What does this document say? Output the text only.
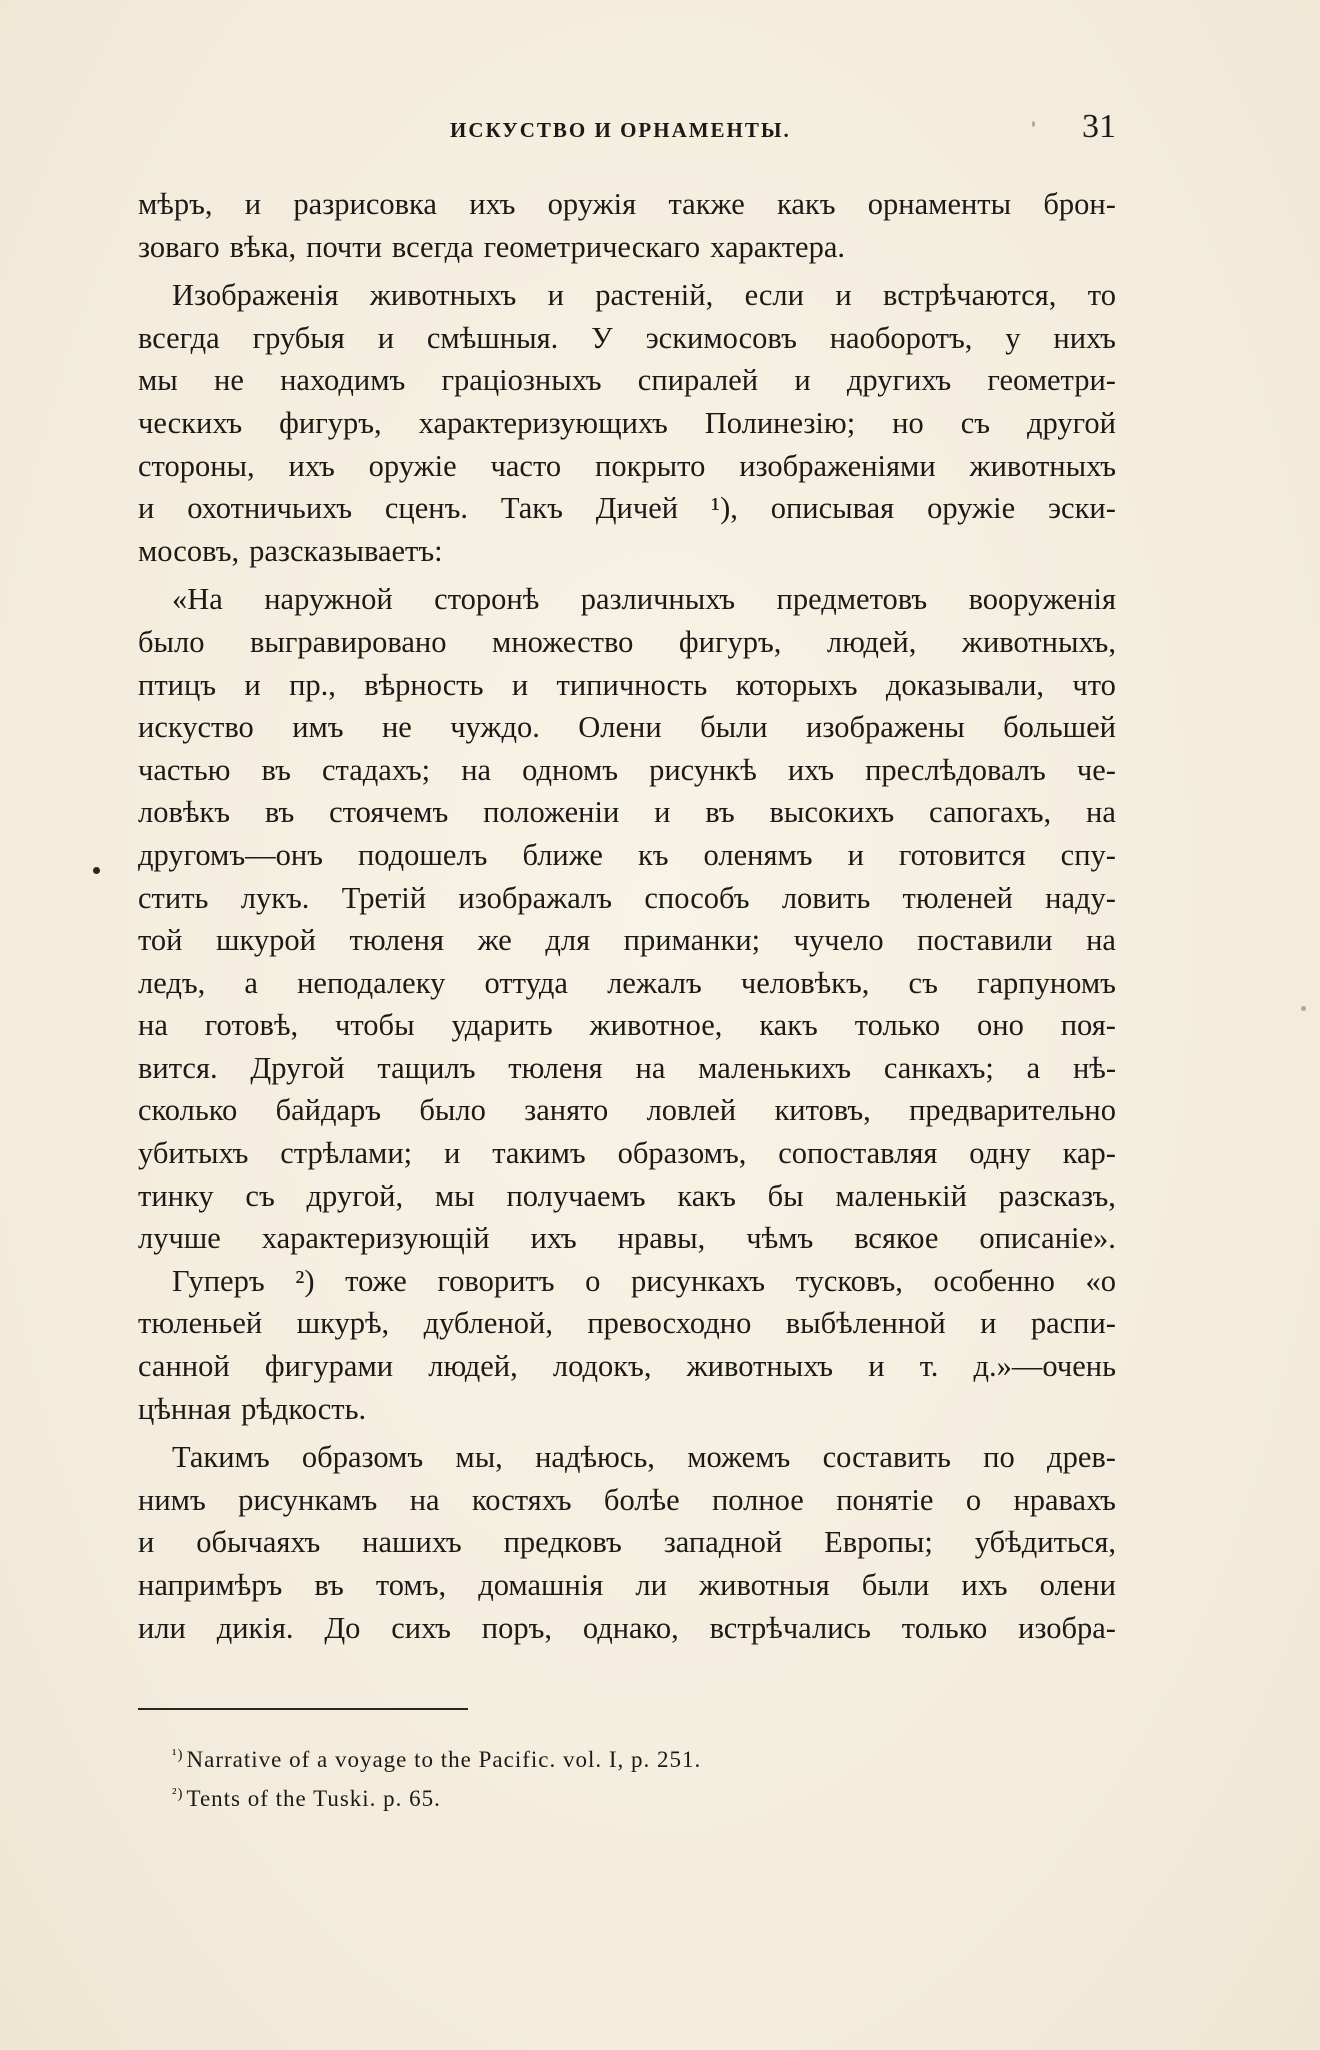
ИСКУСТВО И ОРНАМЕНТЫ.	31
мѣръ, и разрисовка ихъ оружія также какъ орнаменты брон-
зоваго вѣка, почти всегда геометрическаго характера.
Изображенія животныхъ и растеній, если и встрѣчаются, то
всегда грубыя и смѣшныя. У эскимосовъ наоборотъ, у нихъ
мы не находимъ граціозныхъ спиралей и другихъ геометри-
ческихъ фигуръ, характеризующихъ Полинезію; но съ другой
стороны, ихъ оружіе часто покрыто изображеніями животныхъ
и охотничьихъ сценъ. Такъ Дичей ¹), описывая оружіе эски-
мосовъ, разсказываетъ:
«На наружной сторонѣ различныхъ предметовъ вооруженія
было выгравировано множество фигуръ, людей, животныхъ,
птицъ и пр., вѣрность и типичность которыхъ доказывали, что
искуство имъ не чуждо. Олени были изображены большей
частью въ стадахъ; на одномъ рисункѣ ихъ преслѣдовалъ че-
ловѣкъ въ стоячемъ положеніи и въ высокихъ сапогахъ, на
другомъ—онъ подошелъ ближе къ оленямъ и готовится спу-
стить лукъ. Третій изображалъ способъ ловить тюленей наду-
той шкурой тюленя же для приманки; чучело поставили на
ледъ, а неподалеку оттуда лежалъ человѣкъ, съ гарпуномъ
на готовѣ, чтобы ударить животное, какъ только оно поя-
вится. Другой тащилъ тюленя на маленькихъ санкахъ; а нѣ-
сколько байдаръ было занято ловлей китовъ, предварительно
убитыхъ стрѣлами; и такимъ образомъ, сопоставляя одну кар-
тинку съ другой, мы получаемъ какъ бы маленькій разсказъ,
лучше характеризующій ихъ нравы, чѣмъ всякое описаніе».
Гуперъ ²) тоже говоритъ о рисункахъ тусковъ, особенно «о
тюленьей шкурѣ, дубленой, превосходно выбѣленной и распи-
санной фигурами людей, лодокъ, животныхъ и т. д.»—очень
цѣнная рѣдкость.
Такимъ образомъ мы, надѣюсь, можемъ составить по древ-
нимъ рисункамъ на костяхъ болѣе полное понятіе о нравахъ
и обычаяхъ нашихъ предковъ западной Европы; убѣдиться,
напримѣръ въ томъ, домашнія ли животныя были ихъ олени
или дикія. До сихъ поръ, однако, встрѣчались только изобра-
$^{^1)}$ Narrative of a voyage to the Pacific. vol. I, p. 251.
$^{^2)}$ Tents of the Tuski. p. 65.
